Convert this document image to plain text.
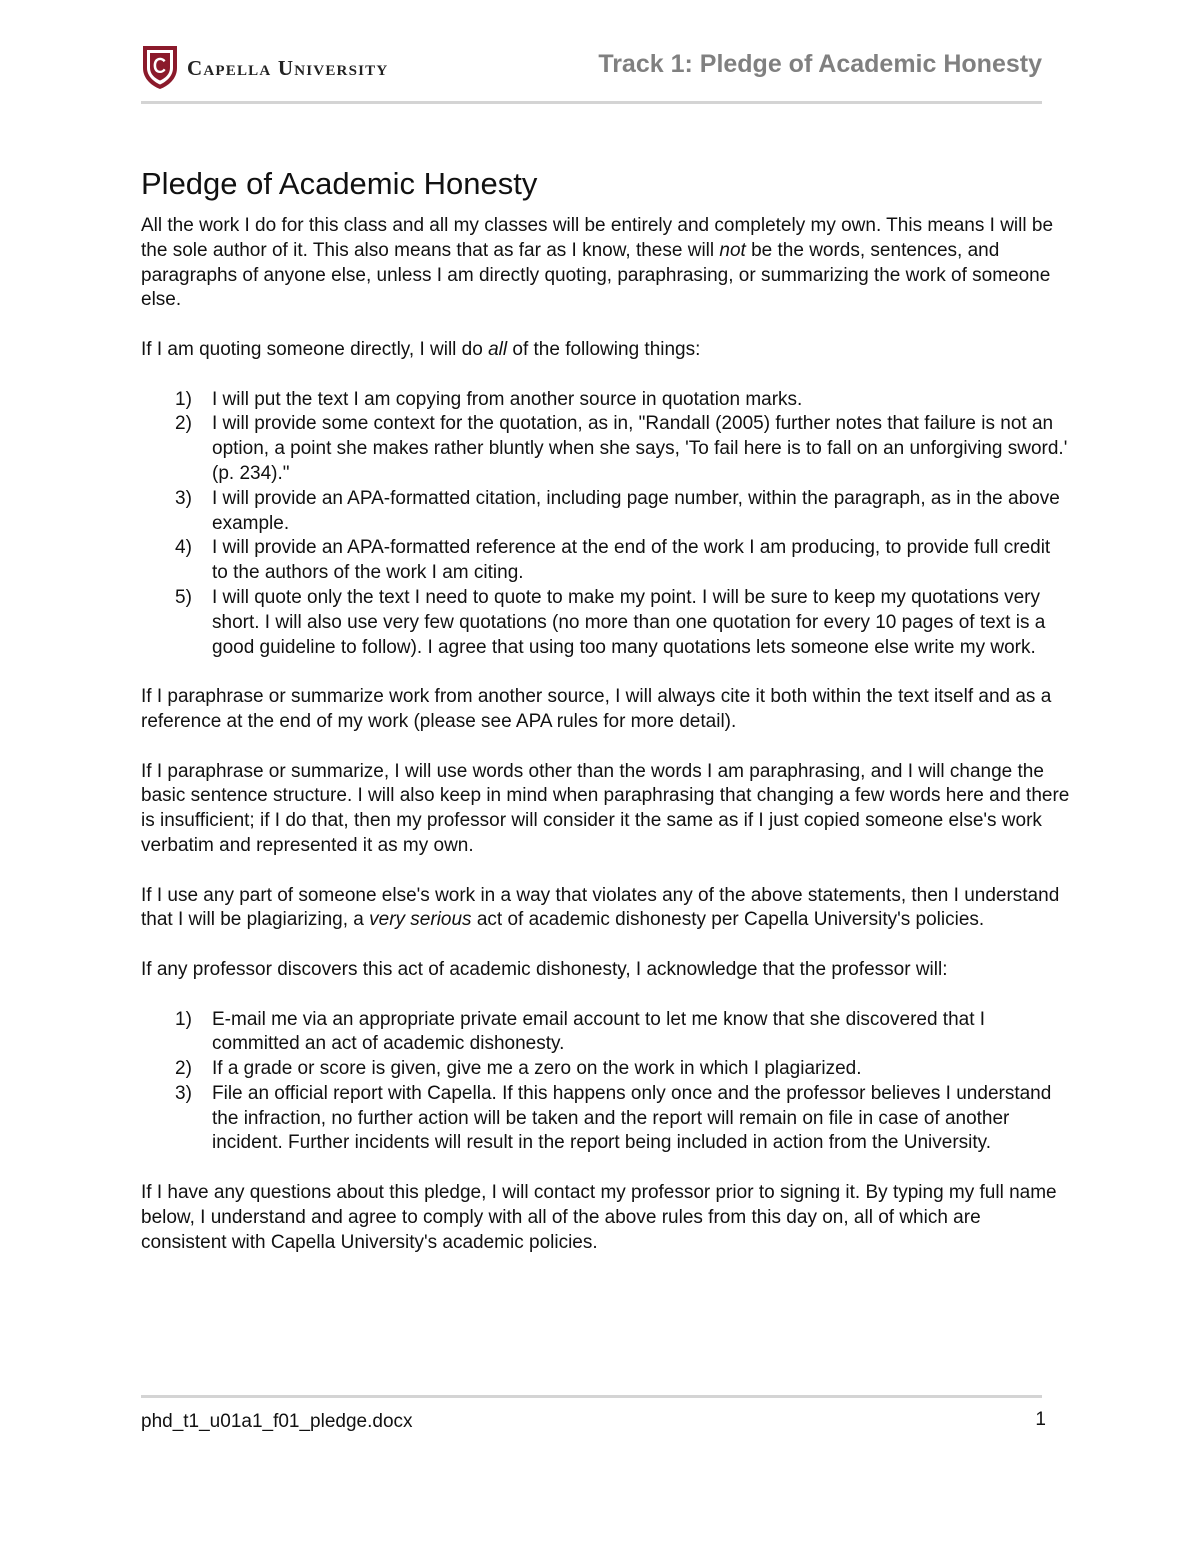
Capella University	Track 1: Pledge of Academic Honesty
Pledge of Academic Honesty

All the work I do for this class and all my classes will be entirely and completely my own. This means I will be the sole author of it. This also means that as far as I know, these will not be the words, sentences, and paragraphs of anyone else, unless I am directly quoting, paraphrasing, or summarizing the work of someone else.

If I am quoting someone directly, I will do all of the following things:

1) I will put the text I am copying from another source in quotation marks.
2) I will provide some context for the quotation, as in, "Randall (2005) further notes that failure is not an option, a point she makes rather bluntly when she says, 'To fail here is to fall on an unforgiving sword.' (p. 234)."
3) I will provide an APA-formatted citation, including page number, within the paragraph, as in the above example.
4) I will provide an APA-formatted reference at the end of the work I am producing, to provide full credit to the authors of the work I am citing.
5) I will quote only the text I need to quote to make my point. I will be sure to keep my quotations very short. I will also use very few quotations (no more than one quotation for every 10 pages of text is a good guideline to follow). I agree that using too many quotations lets someone else write my work.

If I paraphrase or summarize work from another source, I will always cite it both within the text itself and as a reference at the end of my work (please see APA rules for more detail).

If I paraphrase or summarize, I will use words other than the words I am paraphrasing, and I will change the basic sentence structure. I will also keep in mind when paraphrasing that changing a few words here and there is insufficient; if I do that, then my professor will consider it the same as if I just copied someone else's work verbatim and represented it as my own.

If I use any part of someone else's work in a way that violates any of the above statements, then I understand that I will be plagiarizing, a very serious act of academic dishonesty per Capella University's policies.

If any professor discovers this act of academic dishonesty, I acknowledge that the professor will:

1) E-mail me via an appropriate private email account to let me know that she discovered that I committed an act of academic dishonesty.
2) If a grade or score is given, give me a zero on the work in which I plagiarized.
3) File an official report with Capella. If this happens only once and the professor believes I understand the infraction, no further action will be taken and the report will remain on file in case of another incident. Further incidents will result in the report being included in action from the University.

If I have any questions about this pledge, I will contact my professor prior to signing it. By typing my full name below, I understand and agree to comply with all of the above rules from this day on, all of which are consistent with Capella University's academic policies.

phd_t1_u01a1_f01_pledge.docx	1
